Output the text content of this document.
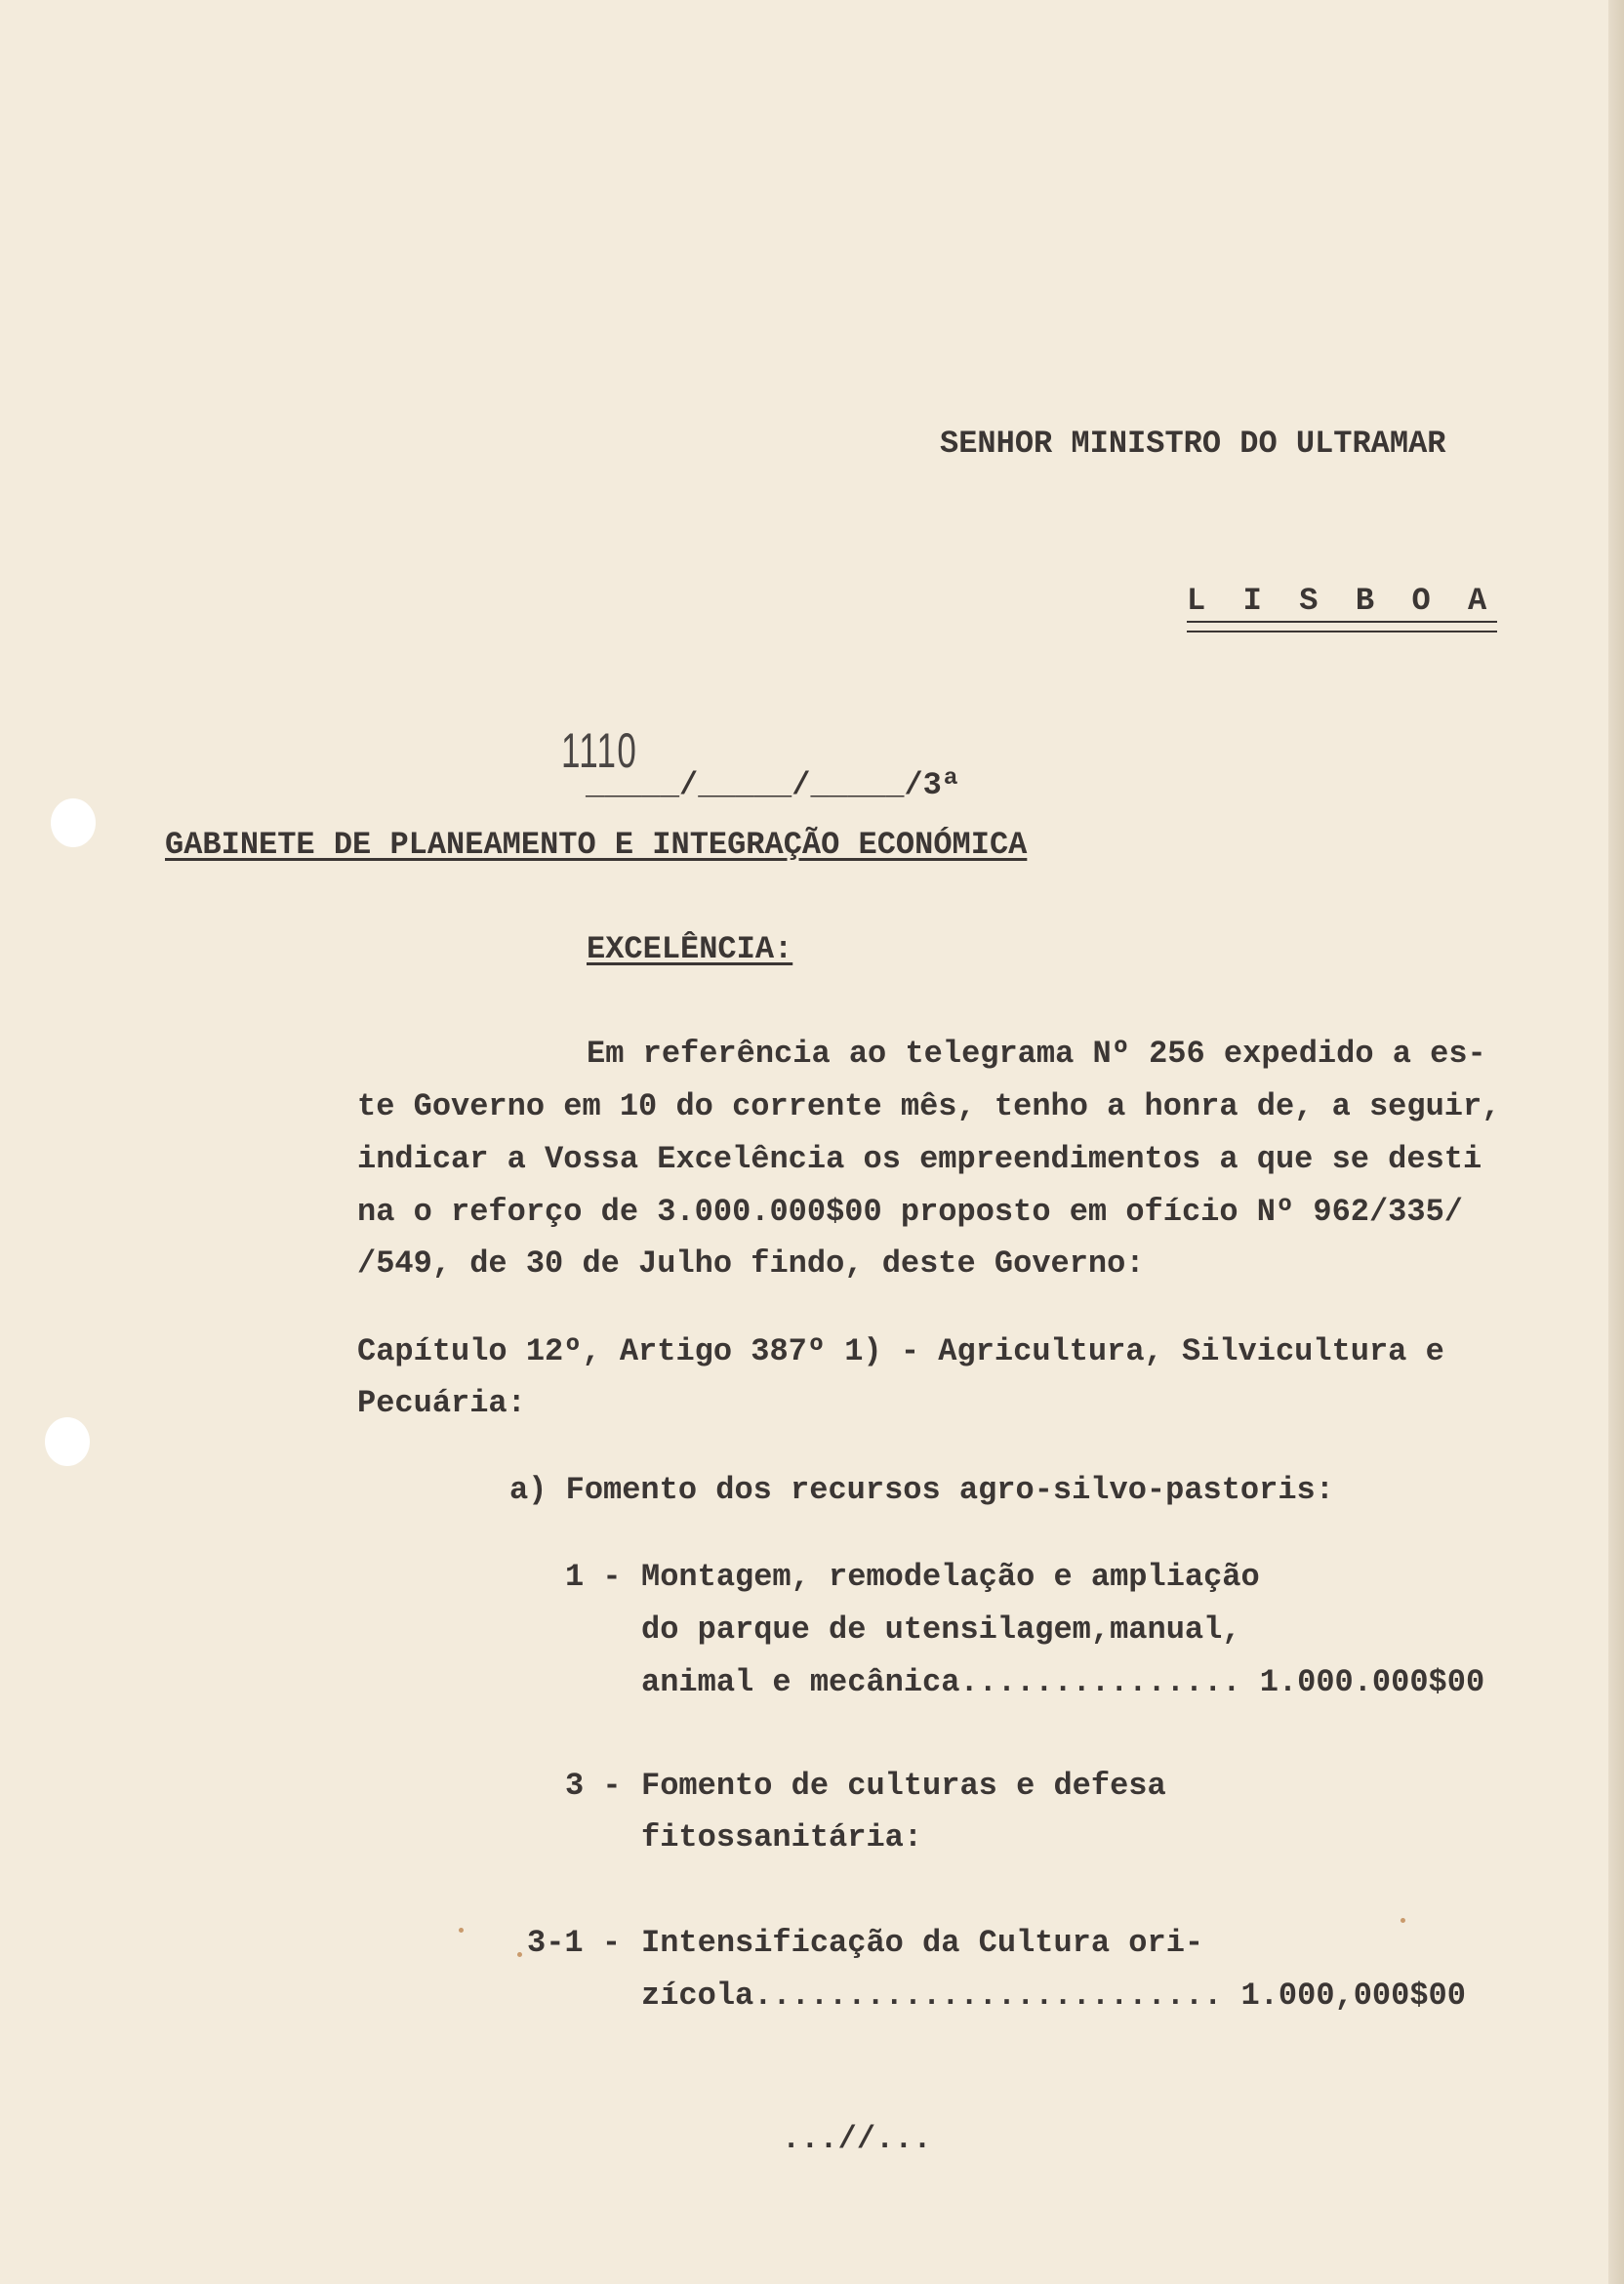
SENHOR MINISTRO DO ULTRAMAR
L  I  S  B  O  A
1110
_____/_____/_____/3ª
GABINETE DE PLANEAMENTO E INTEGRAÇÃO ECONÓMICA
EXCELÊNCIA:
Em referência ao telegrama Nº 256 expedido a es-
te Governo em 10 do corrente mês, tenho a honra de, a seguir,
indicar a Vossa Excelência os empreendimentos a que se desti
na o reforço de 3.000.000$00 proposto em ofício Nº 962/335/
/549, de 30 de Julho findo, deste Governo:
Capítulo 12º, Artigo 387º 1) - Agricultura, Silvicultura e
Pecuária:
a) Fomento dos recursos agro-silvo-pastoris:
1 - Montagem, remodelação e ampliação
do parque de utensilagem,manual,
animal e mecânica............... 1.000.000$00
3 - Fomento de culturas e defesa
fitossanitária:
3-1 - Intensificação da Cultura ori-
zícola......................... 1.000,000$00
...//...
